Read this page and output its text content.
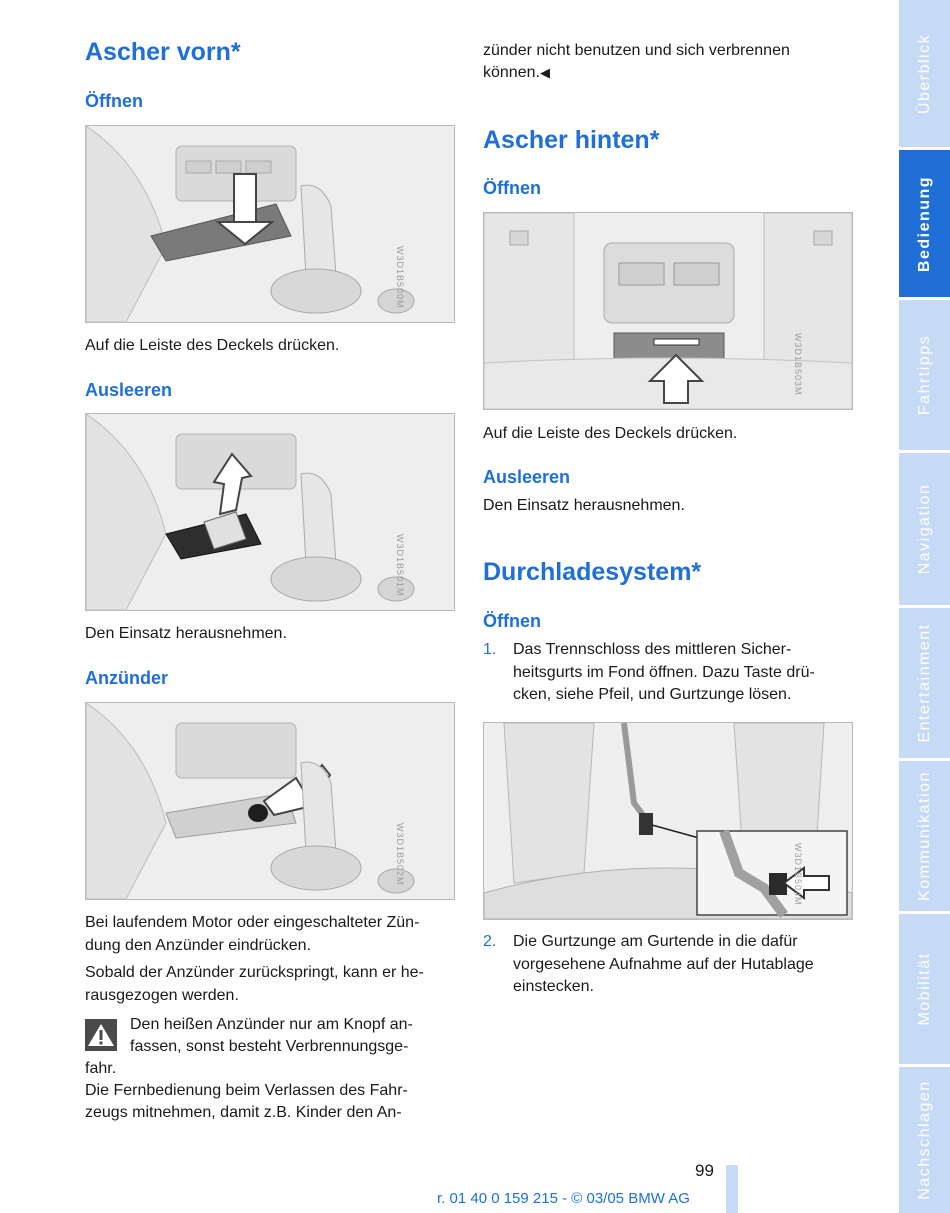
Ascher vorn*
Öffnen
W3D1B500M

Auf die Leiste des Deckels drücken.

Ausleeren
W3D1B501M

Den Einsatz herausnehmen.

Anzünder
W3D1B502M

Bei laufendem Motor oder eingeschalteter Zün-

dung den Anzünder eindrücken.

Sobald der Anzünder zurückspringt, kann er he-

rausgezogen werden.

Den heißen Anzünder nur am Knopf an-

fassen, sonst besteht Verbrennungsge-

fahr.

Die Fernbedienung beim Verlassen des Fahr-

zeugs mitnehmen, damit z.B. Kinder den An-

zünder nicht benutzen und sich verbrennen

können.◀

Ascher hinten*
Öffnen
W3D1B503M

Auf die Leiste des Deckels drücken.

Ausleeren

Den Einsatz herausnehmen.

Durchladesystem*
Öffnen
1.	Das Trennschloss des mittleren Sicher-

heitsgurts im Fond öffnen. Dazu Taste drü-

cken, siehe Pfeil, und Gurtzunge lösen.

W3D1B504M
2.	Die Gurtzunge am Gurtende in die dafür

vorgesehene Aufnahme auf der Hutablage

einstecken.

99
r. 01 40 0 159 215 - © 03/05 BMW AG
Überblick
Bedienung
Fahrtipps
Navigation
Entertainment
Kommunikation
Mobilität
Nachschlagen
